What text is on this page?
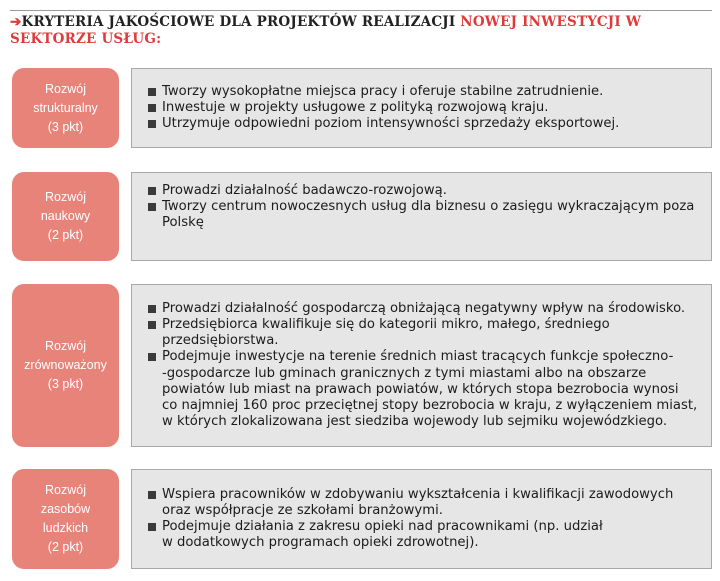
➔KRYTERIA JAKOŚCIOWE DLA PROJEKTÓW REALIZACJI NOWEJ INWESTYCJI W SEKTORZE USŁUG:
Rozwój
strukturalny
(3 pkt)
Tworzy wysokopłatne miejsca pracy i oferuje stabilne zatrudnienie.
Inwestuje w projekty usługowe z polityką rozwojową kraju.
Utrzymuje odpowiedni poziom intensywności sprzedaży eksportowej.
Rozwój
naukowy
(2 pkt)
Prowadzi działalność badawczo-rozwojową.
Tworzy centrum nowoczesnych usług dla biznesu o zasięgu wykraczającym poza
Polskę
Rozwój
zrównoważony
(3 pkt)
Prowadzi działalność gospodarczą obniżającą negatywny wpływ na środowisko.
Przedsiębiorca kwalifikuje się do kategorii mikro, małego, średniego
przedsiębiorstwa.
Podejmuje inwestycje na terenie średnich miast tracących funkcje społeczno-
-gospodarcze lub gminach granicznych z tymi miastami albo na obszarze
powiatów lub miast na prawach powiatów, w których stopa bezrobocia wynosi
co najmniej 160 proc przeciętnej stopy bezrobocia w kraju, z wyłączeniem miast,
w których zlokalizowana jest siedziba wojewody lub sejmiku wojewódzkiego.
Rozwój
zasobów
ludzkich
(2 pkt)
Wspiera pracowników w zdobywaniu wykształcenia i kwalifikacji zawodowych
oraz współpracje ze szkołami branżowymi.
Podejmuje działania z zakresu opieki nad pracownikami (np. udział
w dodatkowych programach opieki zdrowotnej).
